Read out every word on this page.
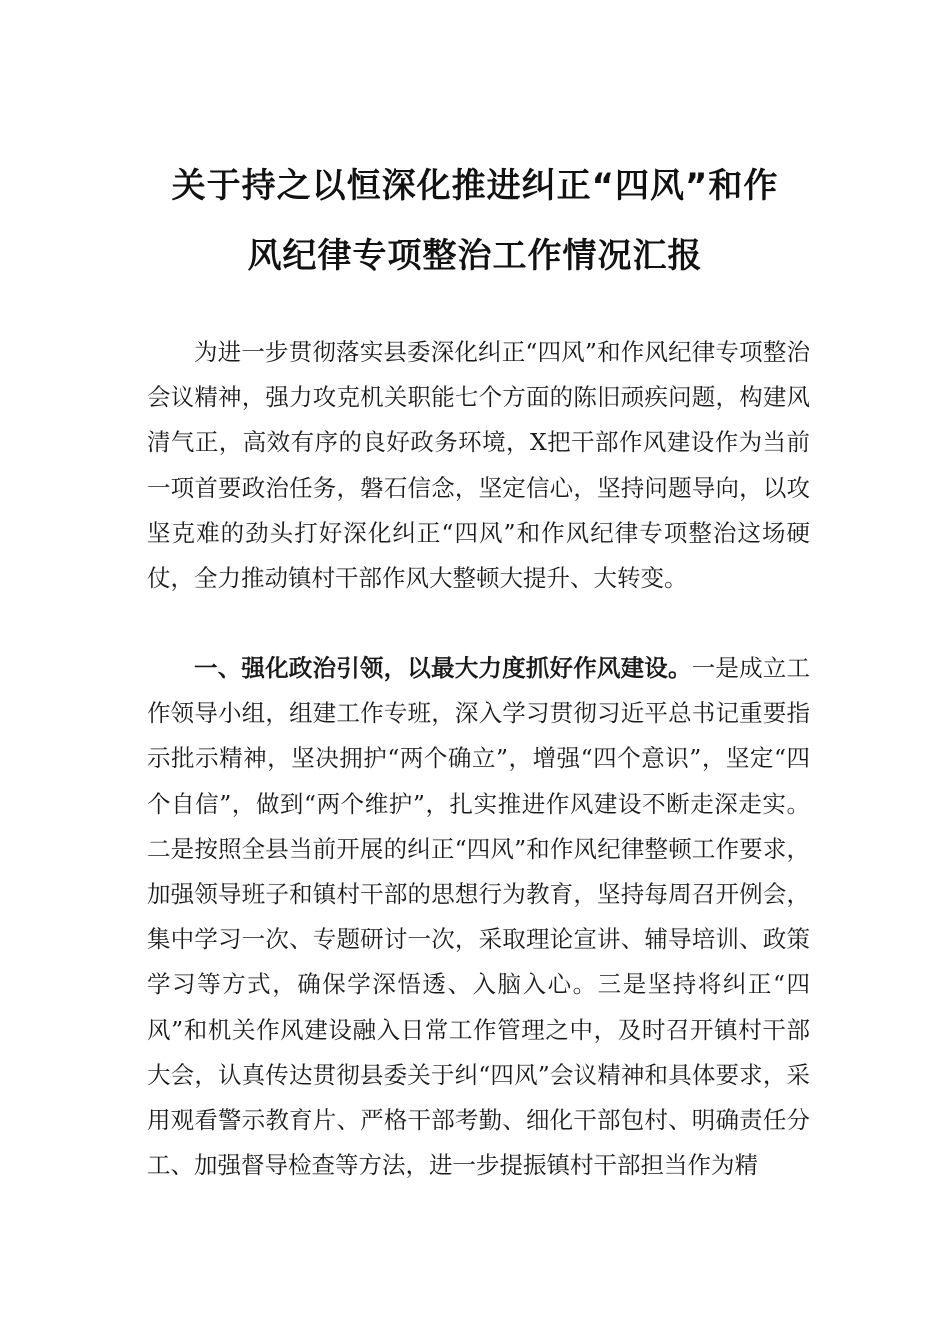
关于持之以恒深化推进纠正“四风”和作
风纪律专项整治工作情况汇报

为进一步贯彻落实县委深化纠正“四风”和作风纪律专项整治会议精神，强力攻克机关职能七个方面的陈旧顽疾问题，构建风清气正，高效有序的良好政务环境，X把干部作风建设作为当前一项首要政治任务，磐石信念，坚定信心，坚持问题导向，以攻坚克难的劲头打好深化纠正“四风”和作风纪律专项整治这场硬仗，全力推动镇村干部作风大整顿大提升、大转变。

一、强化政治引领，以最大力度抓好作风建设。一是成立工作领导小组，组建工作专班，深入学习贯彻习近平总书记重要指示批示精神，坚决拥护“两个确立”，增强“四个意识”，坚定“四个自信”，做到“两个维护”，扎实推进作风建设不断走深走实。二是按照全县当前开展的纠正“四风”和作风纪律整顿工作要求，加强领导班子和镇村干部的思想行为教育，坚持每周召开例会，集中学习一次、专题研讨一次，采取理论宣讲、辅导培训、政策学习等方式，确保学深悟透、入脑入心。三是坚持将纠正“四风”和机关作风建设融入日常工作管理之中，及时召开镇村干部大会，认真传达贯彻县委关于纠“四风”会议精神和具体要求，采用观看警示教育片、严格干部考勤、细化干部包村、明确责任分工、加强督导检查等方法，进一步提振镇村干部担当作为精
